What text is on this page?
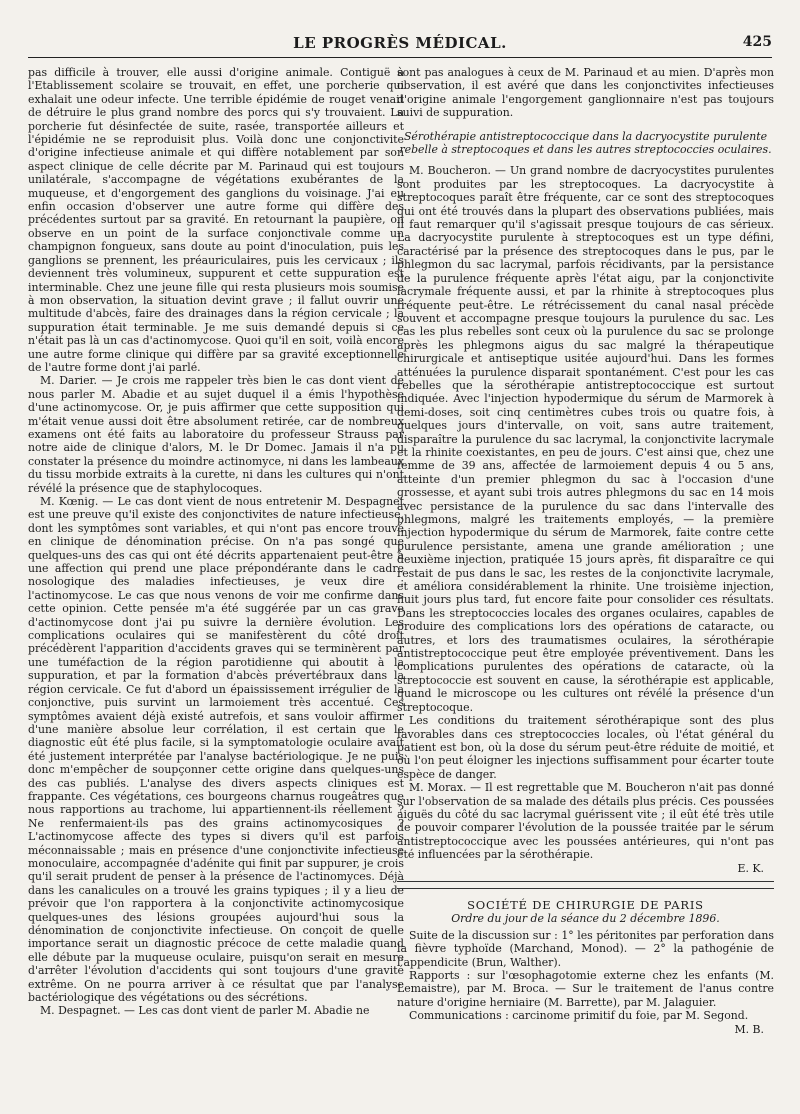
LE PROGRÈS MÉDICAL.	425

pas difficile à trouver, elle aussi d'origine animale. Contiguë à l'Etablissement scolaire se trouvait, en effet, une porcherie qui exhalait une odeur infecte. Une terrible épidémie de rouget venait de détruire le plus grand nombre des porcs qui s'y trouvaient. La porcherie fut désinfectée de suite, rasée, transportée ailleurs et l'épidémie ne se reproduisit plus. Voilà donc une conjonctivite d'origine infectieuse animale et qui diffère notablement par son aspect clinique de celle décrite par M. Parinaud qui est toujours unilatérale, s'accompagne de végétations exubérantes de la muqueuse, et d'engorgement des ganglions du voisinage. J'ai eu enfin occasion d'observer une autre forme qui diffère des précédentes surtout par sa gravité. En retournant la paupière, on observe en un point de la surface conjonctivale comme un champignon fongueux, sans doute au point d'inoculation, puis les ganglions se prennent, les préauriculaires, puis les cervicaux ; ils deviennent très volumineux, suppurent et cette suppuration est interminable. Chez une jeune fille qui resta plusieurs mois soumise à mon observation, la situation devint grave ; il fallut ouvrir une multitude d'abcès, faire des drainages dans la région cervicale ; la suppuration était terminable. Je me suis demandé depuis si ce n'était pas là un cas d'actinomycose. Quoi qu'il en soit, voilà encore une autre forme clinique qui diffère par sa gravité exceptionnelle de l'autre forme dont j'ai parlé.

M. Darier. — Je crois me rappeler très bien le cas dont vient de nous parler M. Abadie et au sujet duquel il a émis l'hypothèse d'une actinomycose. Or, je puis affirmer que cette supposition qui m'était venue aussi doit être absolument retirée, car de nombreux examens ont été faits au laboratoire du professeur Strauss par notre aide de clinique d'alors, M. le Dr Domec. Jamais il n'a pu constater la présence du moindre actinomyce, ni dans les lambeaux du tissu morbide extraits à la curette, ni dans les cultures qui n'ont révélé la présence que de staphylocoques.

M. Kœnig. — Le cas dont vient de nous entretenir M. Despagnet est une preuve qu'il existe des conjonctivites de nature infectieuse, dont les symptômes sont variables, et qui n'ont pas encore trouvé en clinique de dénomination précise. On n'a pas songé que quelques-uns des cas qui ont été décrits appartenaient peut-être à une affection qui prend une place prépondérante dans le cadre nosologique des maladies infectieuses, je veux dire : l'actinomycose. Le cas que nous venons de voir me confirme dans cette opinion. Cette pensée m'a été suggérée par un cas grave d'actinomycose dont j'ai pu suivre la dernière évolution. Les complications oculaires qui se manifestèrent du côté droit précédèrent l'apparition d'accidents graves qui se terminèrent par une tuméfaction de la région parotidienne qui aboutit à la suppuration, et par la formation d'abcès prévertébraux dans la région cervicale. Ce fut d'abord un épaississement irrégulier de la conjonctive, puis survint un larmoiement très accentué. Ces symptômes avaient déjà existé autrefois, et sans vouloir affirmer d'une manière absolue leur corrélation, il est certain que le diagnostic eût été plus facile, si la symptomatologie oculaire avait été justement interprétée par l'analyse bactériologique. Je ne puis donc m'empêcher de soupçonner cette origine dans quelques-uns des cas publiés. L'analyse des divers aspects cliniques est frappante. Ces végétations, ces bourgeons charnus rougeâtres que nous rapportions au trachome, lui appartiennent-ils réellement ? Ne renfermaient-ils pas des grains actinomycosiques ? L'actinomycose affecte des types si divers qu'il est parfois méconnaissable ; mais en présence d'une conjonctivite infectieuse monoculaire, accompagnée d'adénite qui finit par suppurer, je crois qu'il serait prudent de penser à la présence de l'actinomyces. Déjà dans les canalicules on a trouvé les grains typiques ; il y a lieu de prévoir que l'on rapportera à la conjonctivite actinomycosique quelques-unes des lésions groupées aujourd'hui sous la dénomination de conjonctivite infectieuse. On conçoit de quelle importance serait un diagnostic précoce de cette maladie quand elle débute par la muqueuse oculaire, puisqu'on serait en mesure d'arrêter l'évolution d'accidents qui sont toujours d'une gravité extrême. On ne pourra arriver à ce résultat que par l'analyse bactériologique des végétations ou des sécrétions.

M. Despagnet. — Les cas dont vient de parler M. Abadie ne

sont pas analogues à ceux de M. Parinaud et au mien. D'après mon observation, il est avéré que dans les conjonctivites infectieuses d'origine animale l'engorgement ganglionnaire n'est pas toujours suivi de suppuration.

Sérothérapie antistreptococcique dans la dacryocystite purulente rebelle à streptocoques et dans les autres streptococcies oculaires.

M. Boucheron. — Un grand nombre de dacryocystites purulentes sont produites par les streptocoques. La dacryocystite à streptocoques paraît être fréquente, car ce sont des streptocoques qui ont été trouvés dans la plupart des observations publiées, mais il faut remarquer qu'il s'agissait presque toujours de cas sérieux. La dacryocystite purulente à streptocoques est un type défini, caractérisé par la présence des streptocoques dans le pus, par le phlegmon du sac lacrymal, parfois récidivants, par la persistance de la purulence fréquente après l'état aigu, par la conjonctivite lacrymale fréquente aussi, et par la rhinite à streptocoques plus fréquente peut-être. Le rétrécissement du canal nasal précède souvent et accompagne presque toujours la purulence du sac. Les cas les plus rebelles sont ceux où la purulence du sac se prolonge après les phlegmons aigus du sac malgré la thérapeutique chirurgicale et antiseptique usitée aujourd'hui. Dans les formes atténuées la purulence disparait spontanément. C'est pour les cas rebelles que la sérothérapie antistreptococcique est surtout indiquée. Avec l'injection hypodermique du sérum de Marmorek à demi-doses, soit cinq centimètres cubes trois ou quatre fois, à quelques jours d'intervalle, on voit, sans autre traitement, disparaître la purulence du sac lacrymal, la conjonctivite lacrymale et la rhinite coexistantes, en peu de jours. C'est ainsi que, chez une femme de 39 ans, affectée de larmoiement depuis 4 ou 5 ans, atteinte d'un premier phlegmon du sac à l'occasion d'une grossesse, et ayant subi trois autres phlegmons du sac en 14 mois avec persistance de la purulence du sac dans l'intervalle des phlegmons, malgré les traitements employés, — la première injection hypodermique du sérum de Marmorek, faite contre cette purulence persistante, amena une grande amélioration ; une deuxième injection, pratiquée 15 jours après, fit disparaître ce qui restait de pus dans le sac, les restes de la conjonctivite lacrymale, et améliora considérablement la rhinite. Une troisième injection, huit jours plus tard, fut encore faite pour consolider ces résultats. Dans les streptococcies locales des organes oculaires, capables de produire des complications lors des opérations de cataracte, ou autres, et lors des traumatismes oculaires, la sérothérapie antistreptococcique peut être employée préventivement. Dans les complications purulentes des opérations de cataracte, où la streptococcie est souvent en cause, la sérothérapie est applicable, quand le microscope ou les cultures ont révélé la présence d'un streptocoque.

Les conditions du traitement sérothérapique sont des plus favorables dans ces streptococcies locales, où l'état général du patient est bon, où la dose du sérum peut-être réduite de moitié, et où l'on peut éloigner les injections suffisamment pour écarter toute espèce de danger.

M. Morax. — Il est regrettable que M. Boucheron n'ait pas donné sur l'observation de sa malade des détails plus précis. Ces poussées aiguës du côté du sac lacrymal guérissent vite ; il eût été très utile de pouvoir comparer l'évolution de la poussée traitée par le sérum antistreptococcique avec les poussées antérieures, qui n'ont pas été influencées par la sérothérapie.
E. K.

SOCIÉTÉ DE CHIRURGIE DE PARIS
Ordre du jour de la séance du 2 décembre 1896.

Suite de la discussion sur : 1° les péritonites par perforation dans la fièvre typhoïde (Marchand, Monod). — 2° la pathogénie de l'appendicite (Brun, Walther).

Rapports : sur l'œsophagotomie externe chez les enfants (M. Lemaistre), par M. Broca. — Sur le traitement de l'anus contre nature d'origine herniaire (M. Barrette), par M. Jalaguier.

Communications : carcinome primitif du foie, par M. Segond.
M. B.
